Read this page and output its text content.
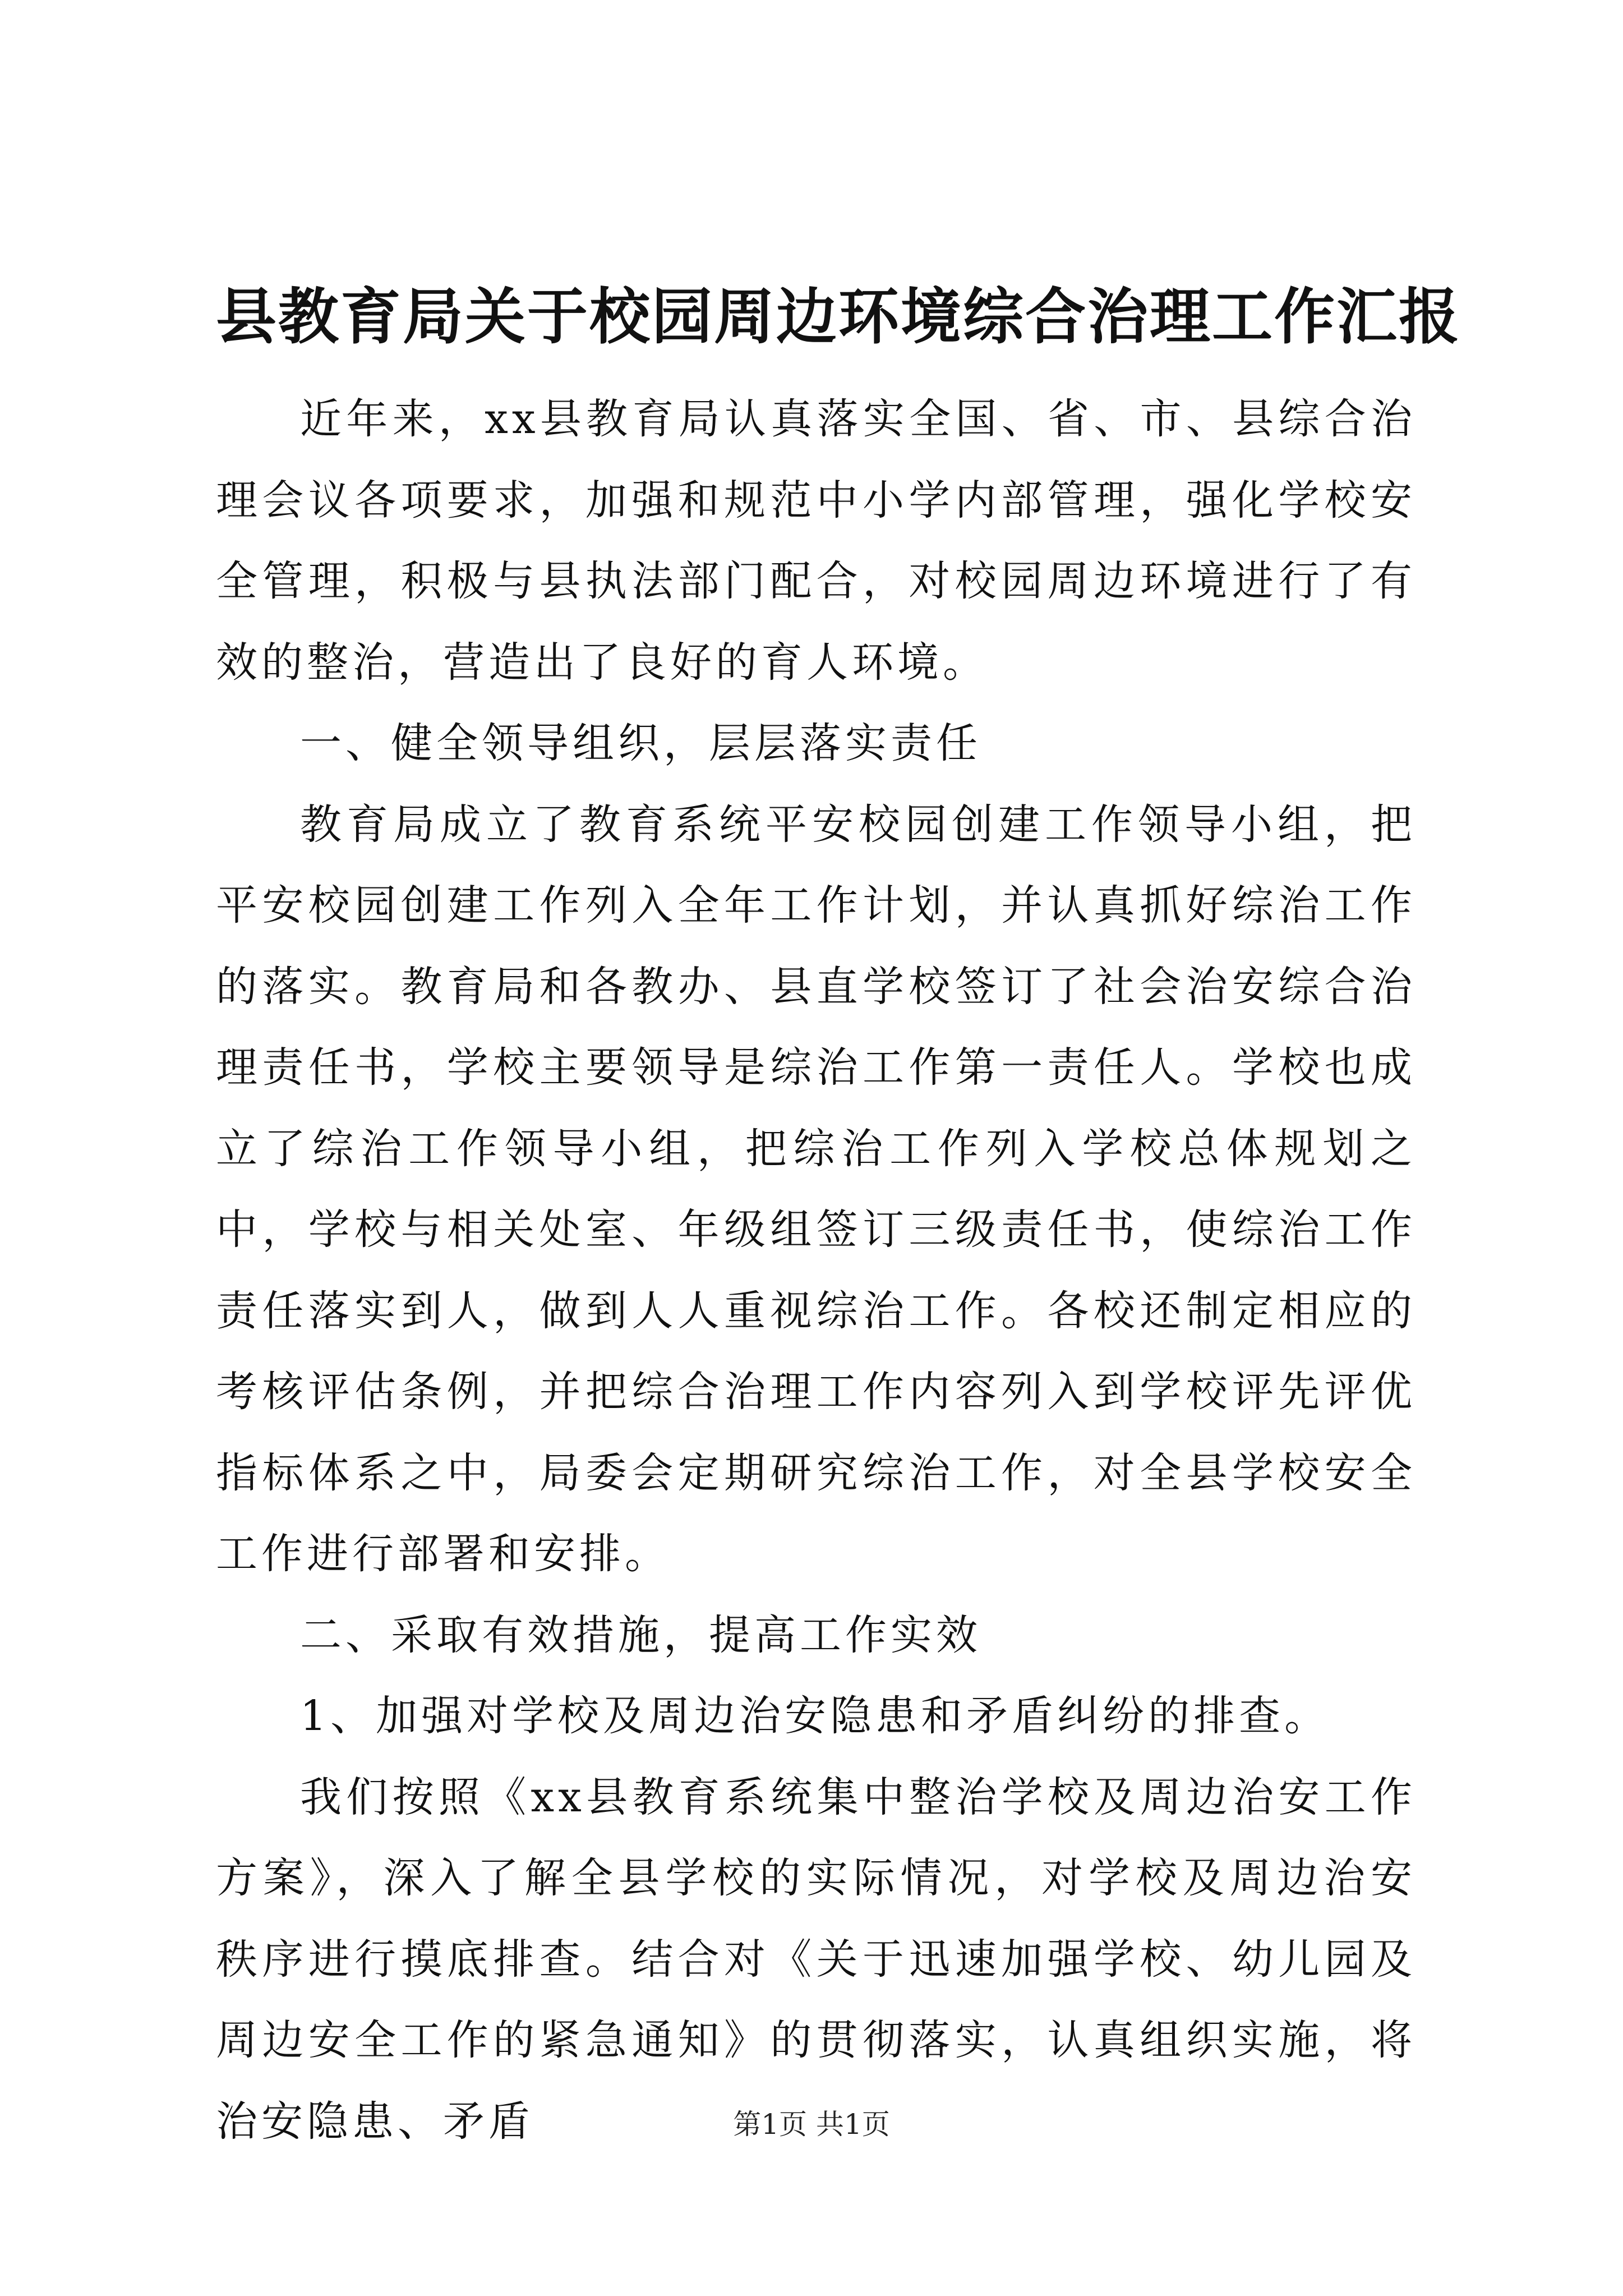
县教育局关于校园周边环境综合治理工作汇报

近年来，xx县教育局认真落实全国、省、市、县综合治理会议各项要求，加强和规范中小学内部管理，强化学校安全管理，积极与县执法部门配合，对校园周边环境进行了有效的整治，营造出了良好的育人环境。

一、健全领导组织，层层落实责任

教育局成立了教育系统平安校园创建工作领导小组，把平安校园创建工作列入全年工作计划，并认真抓好综治工作的落实。教育局和各教办、县直学校签订了社会治安综合治理责任书，学校主要领导是综治工作第一责任人。学校也成立了综治工作领导小组，把综治工作列入学校总体规划之中，学校与相关处室、年级组签订三级责任书，使综治工作责任落实到人，做到人人重视综治工作。各校还制定相应的考核评估条例，并把综合治理工作内容列入到学校评先评优指标体系之中，局委会定期研究综治工作，对全县学校安全工作进行部署和安排。

二、采取有效措施，提高工作实效

1、加强对学校及周边治安隐患和矛盾纠纷的排查。

我们按照《xx县教育系统集中整治学校及周边治安工作方案》，深入了解全县学校的实际情况，对学校及周边治安秩序进行摸底排查。结合对《关于迅速加强学校、幼儿园及周边安全工作的紧急通知》的贯彻落实，认真组织实施，将治安隐患、矛盾	第1页 共1页
